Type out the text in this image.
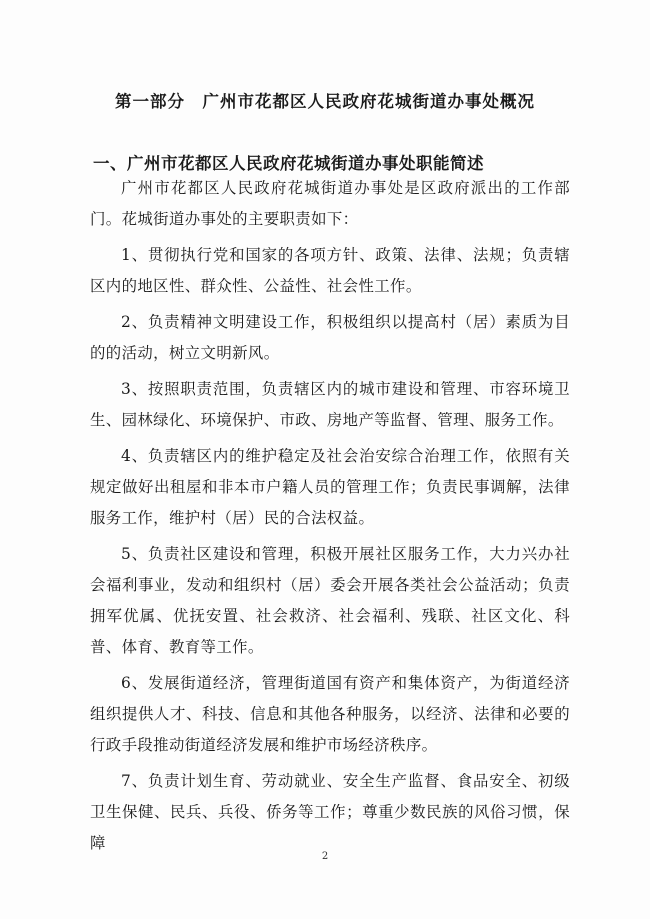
第一部分　广州市花都区人民政府花城街道办事处概况
一、广州市花都区人民政府花城街道办事处职能简述

广州市花都区人民政府花城街道办事处是区政府派出的工作部门。花城街道办事处的主要职责如下：

1、贯彻执行党和国家的各项方针、政策、法律、法规；负责辖区内的地区性、群众性、公益性、社会性工作。

2、负责精神文明建设工作，积极组织以提高村（居）素质为目的的活动，树立文明新风。

3、按照职责范围，负责辖区内的城市建设和管理、市容环境卫生、园林绿化、环境保护、市政、房地产等监督、管理、服务工作。

4、负责辖区内的维护稳定及社会治安综合治理工作，依照有关规定做好出租屋和非本市户籍人员的管理工作；负责民事调解，法律服务工作，维护村（居）民的合法权益。

5、负责社区建设和管理，积极开展社区服务工作，大力兴办社会福利事业，发动和组织村（居）委会开展各类社会公益活动；负责拥军优属、优抚安置、社会救济、社会福利、残联、社区文化、科普、体育、教育等工作。

6、发展街道经济，管理街道国有资产和集体资产，为街道经济组织提供人才、科技、信息和其他各种服务，以经济、法律和必要的行政手段推动街道经济发展和维护市场经济秩序。

7、负责计划生育、劳动就业、安全生产监督、食品安全、初级卫生保健、民兵、兵役、侨务等工作；尊重少数民族的风俗习惯，保障

2
